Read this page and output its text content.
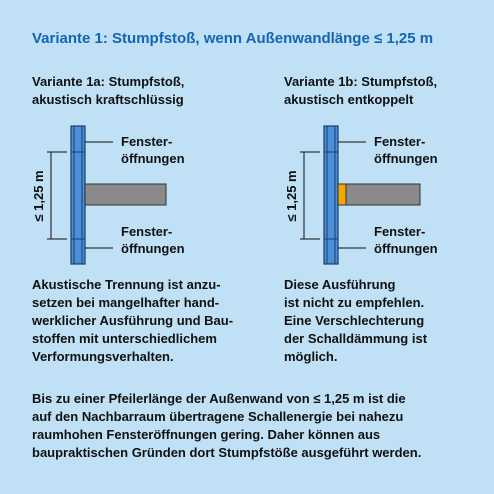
Variante 1: Stumpfstoß, wenn Außenwandlänge ≤ 1,25 m
Variante 1a: Stumpfstoß,
akustisch kraftschlüssig
Variante 1b: Stumpfstoß,
akustisch entkoppelt
≤ 1,25 m
Fenster-
öffnungen
Fenster-
öffnungen
≤ 1,25 m
Fenster-
öffnungen
Fenster-
öffnungen
Akustische Trennung ist anzu-
setzen bei mangelhafter hand-
werklicher Ausführung und Bau-
stoffen mit unterschiedlichem
Verformungsverhalten.
Diese Ausführung
ist nicht zu empfehlen.
Eine Verschlechterung
der Schalldämmung ist
möglich.
Bis zu einer Pfeilerlänge der Außenwand von ≤ 1,25 m ist die
auf den Nachbarraum übertragene Schallenergie bei nahezu
raumhohen Fensteröffnungen gering. Daher können aus
baupraktischen Gründen dort Stumpfstöße ausgeführt werden.
